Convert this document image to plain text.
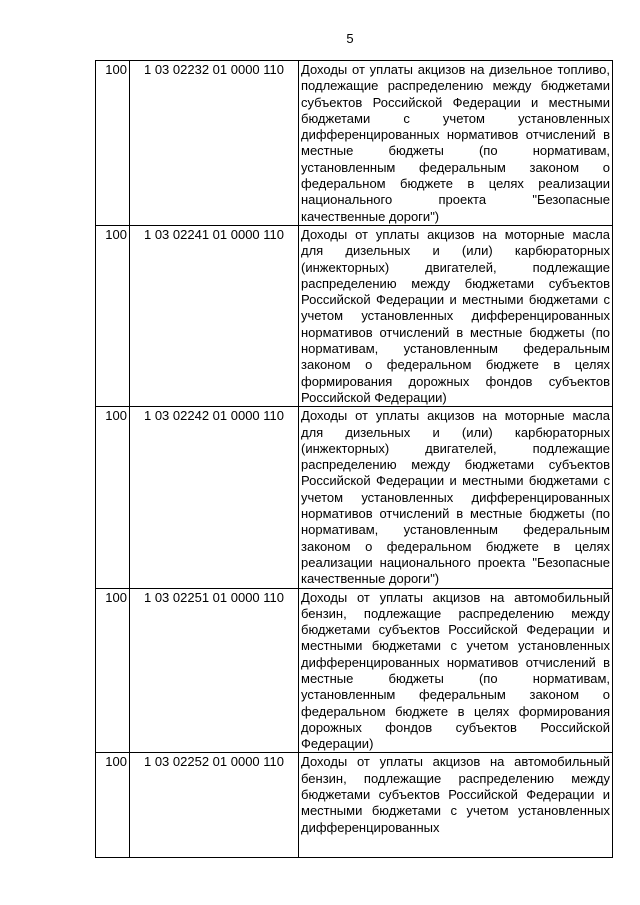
5
100	1 03 02232 01 0000 110	Доходы от уплаты акцизов на дизельное топливо, подлежащие распределению между бюджетами субъектов Российской Федерации и местными бюджетами с учетом установленных дифференцированных нормативов отчислений в местные бюджеты (по нормативам, установленным федеральным законом о федеральном бюджете в целях реализации национального проекта "Безопасные качественные дороги")
100	1 03 02241 01 0000 110	Доходы от уплаты акцизов на моторные масла для дизельных и (или) карбюраторных (инжекторных) двигателей, подлежащие распределению между бюджетами субъектов Российской Федерации и местными бюджетами с учетом установленных дифференцированных нормативов отчислений в местные бюджеты (по нормативам, установленным федеральным законом о федеральном бюджете в целях формирования дорожных фондов субъектов Российской Федерации)
100	1 03 02242 01 0000 110	Доходы от уплаты акцизов на моторные масла для дизельных и (или) карбюраторных (инжекторных) двигателей, подлежащие распределению между бюджетами субъектов Российской Федерации и местными бюджетами с учетом установленных дифференцированных нормативов отчислений в местные бюджеты (по нормативам, установленным федеральным законом о федеральном бюджете в целях реализации национального проекта "Безопасные качественные дороги")
100	1 03 02251 01 0000 110	Доходы от уплаты акцизов на автомобильный бензин, подлежащие распределению между бюджетами субъектов Российской Федерации и местными бюджетами с учетом установленных дифференцированных нормативов отчислений в местные бюджеты (по нормативам, установленным федеральным законом о федеральном бюджете в целях формирования дорожных фондов субъектов Российской Федерации)
100	1 03 02252 01 0000 110	Доходы от уплаты акцизов на автомобильный бензин, подлежащие распределению между бюджетами субъектов Российской Федерации и местными бюджетами с учетом установленных дифференцированных
